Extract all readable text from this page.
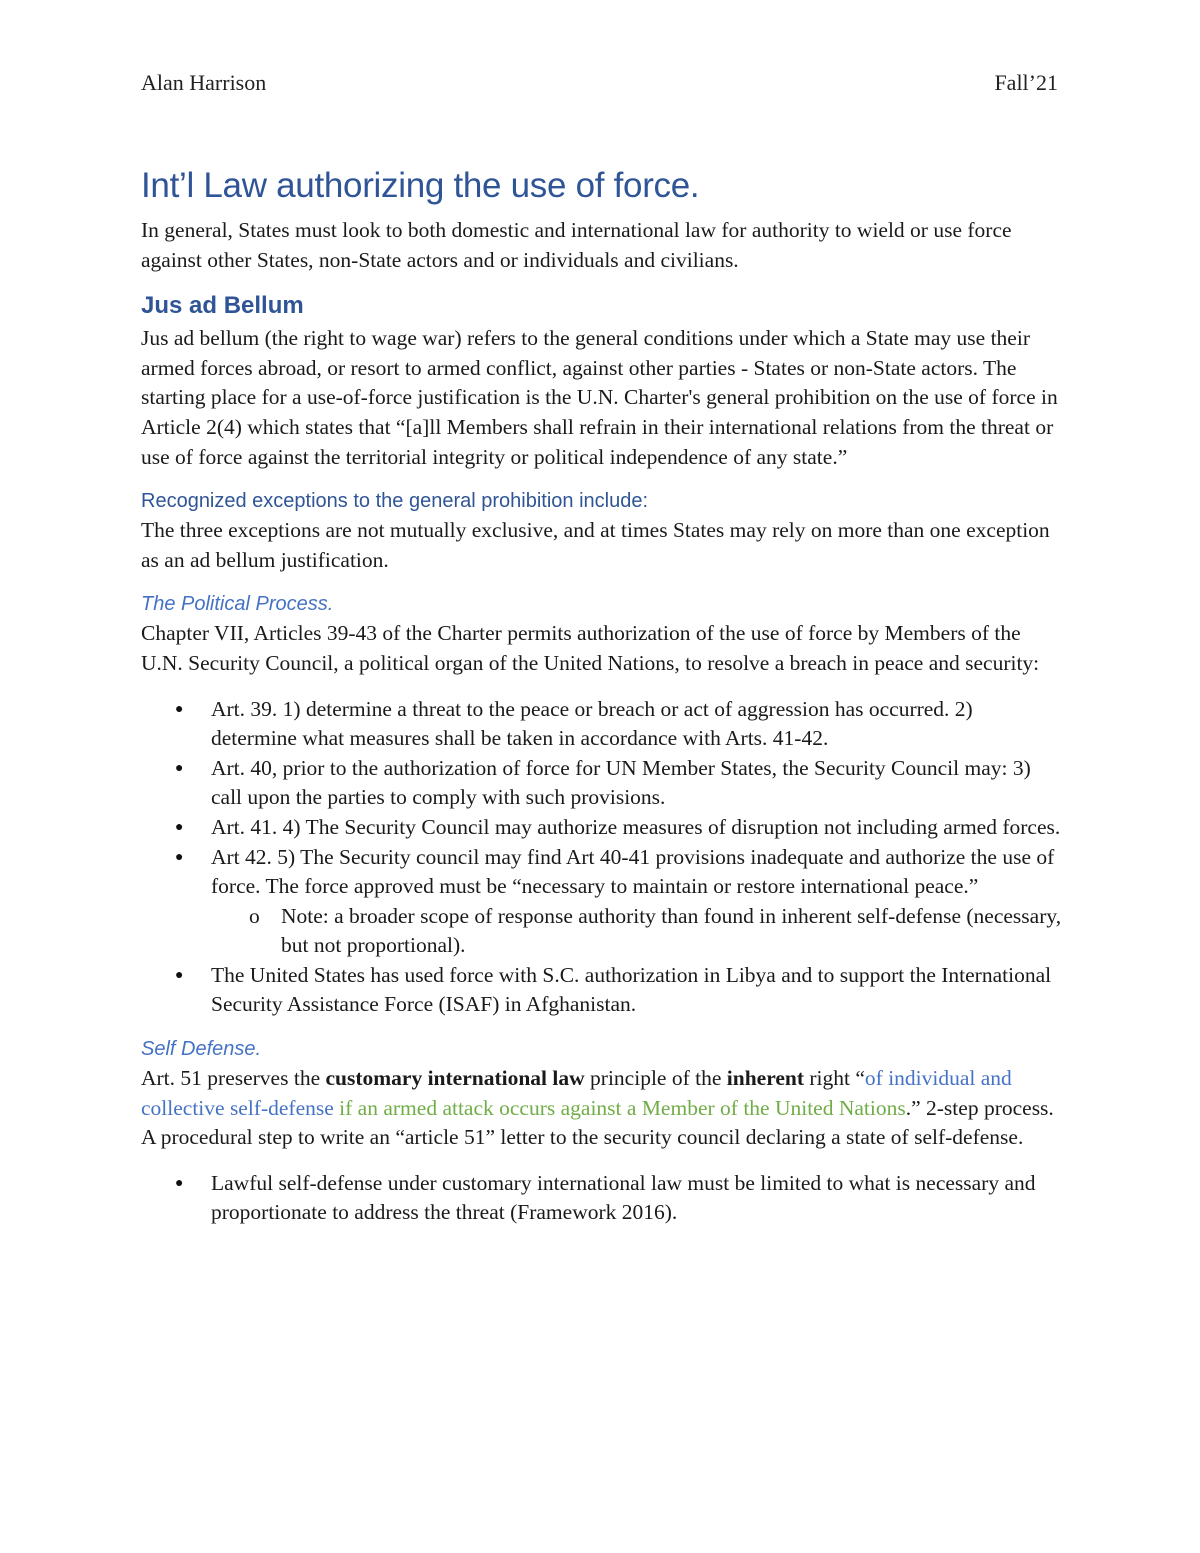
Alan Harrison	Fall’21
Int’l Law authorizing the use of force.

In general, States must look to both domestic and international law for authority to wield or use force against other States, non-State actors and or individuals and civilians.

Jus ad Bellum

Jus ad bellum (the right to wage war) refers to the general conditions under which a State may use their armed forces abroad, or resort to armed conflict, against other parties - States or non-State actors. The starting place for a use-of-force justification is the U.N. Charter's general prohibition on the use of force in Article 2(4) which states that “[a]ll Members shall refrain in their international relations from the threat or use of force against the territorial integrity or political independence of any state.”

Recognized exceptions to the general prohibition include:

The three exceptions are not mutually exclusive, and at times States may rely on more than one exception as an ad bellum justification.

The Political Process.

Chapter VII, Articles 39-43 of the Charter permits authorization of the use of force by Members of the U.N. Security Council, a political organ of the United Nations, to resolve a breach in peace and security:

● Art. 39. 1) determine a threat to the peace or breach or act of aggression has occurred. 2) determine what measures shall be taken in accordance with Arts. 41-42.
● Art. 40, prior to the authorization of force for UN Member States, the Security Council may: 3) call upon the parties to comply with such provisions.
● Art. 41. 4) The Security Council may authorize measures of disruption not including armed forces.
● Art 42. 5) The Security council may find Art 40-41 provisions inadequate and authorize the use of force. The force approved must be “necessary to maintain or restore international peace.”
o Note: a broader scope of response authority than found in inherent self-defense (necessary, but not proportional).
● The United States has used force with S.C. authorization in Libya and to support the International Security Assistance Force (ISAF) in Afghanistan.
Self Defense.

Art. 51 preserves the customary international law principle of the inherent right “of individual and collective self-defense if an armed attack occurs against a Member of the United Nations.” 2-step process. A procedural step to write an “article 51” letter to the security council declaring a state of self-defense.

● Lawful self-defense under customary international law must be limited to what is necessary and proportionate to address the threat (Framework 2016).
